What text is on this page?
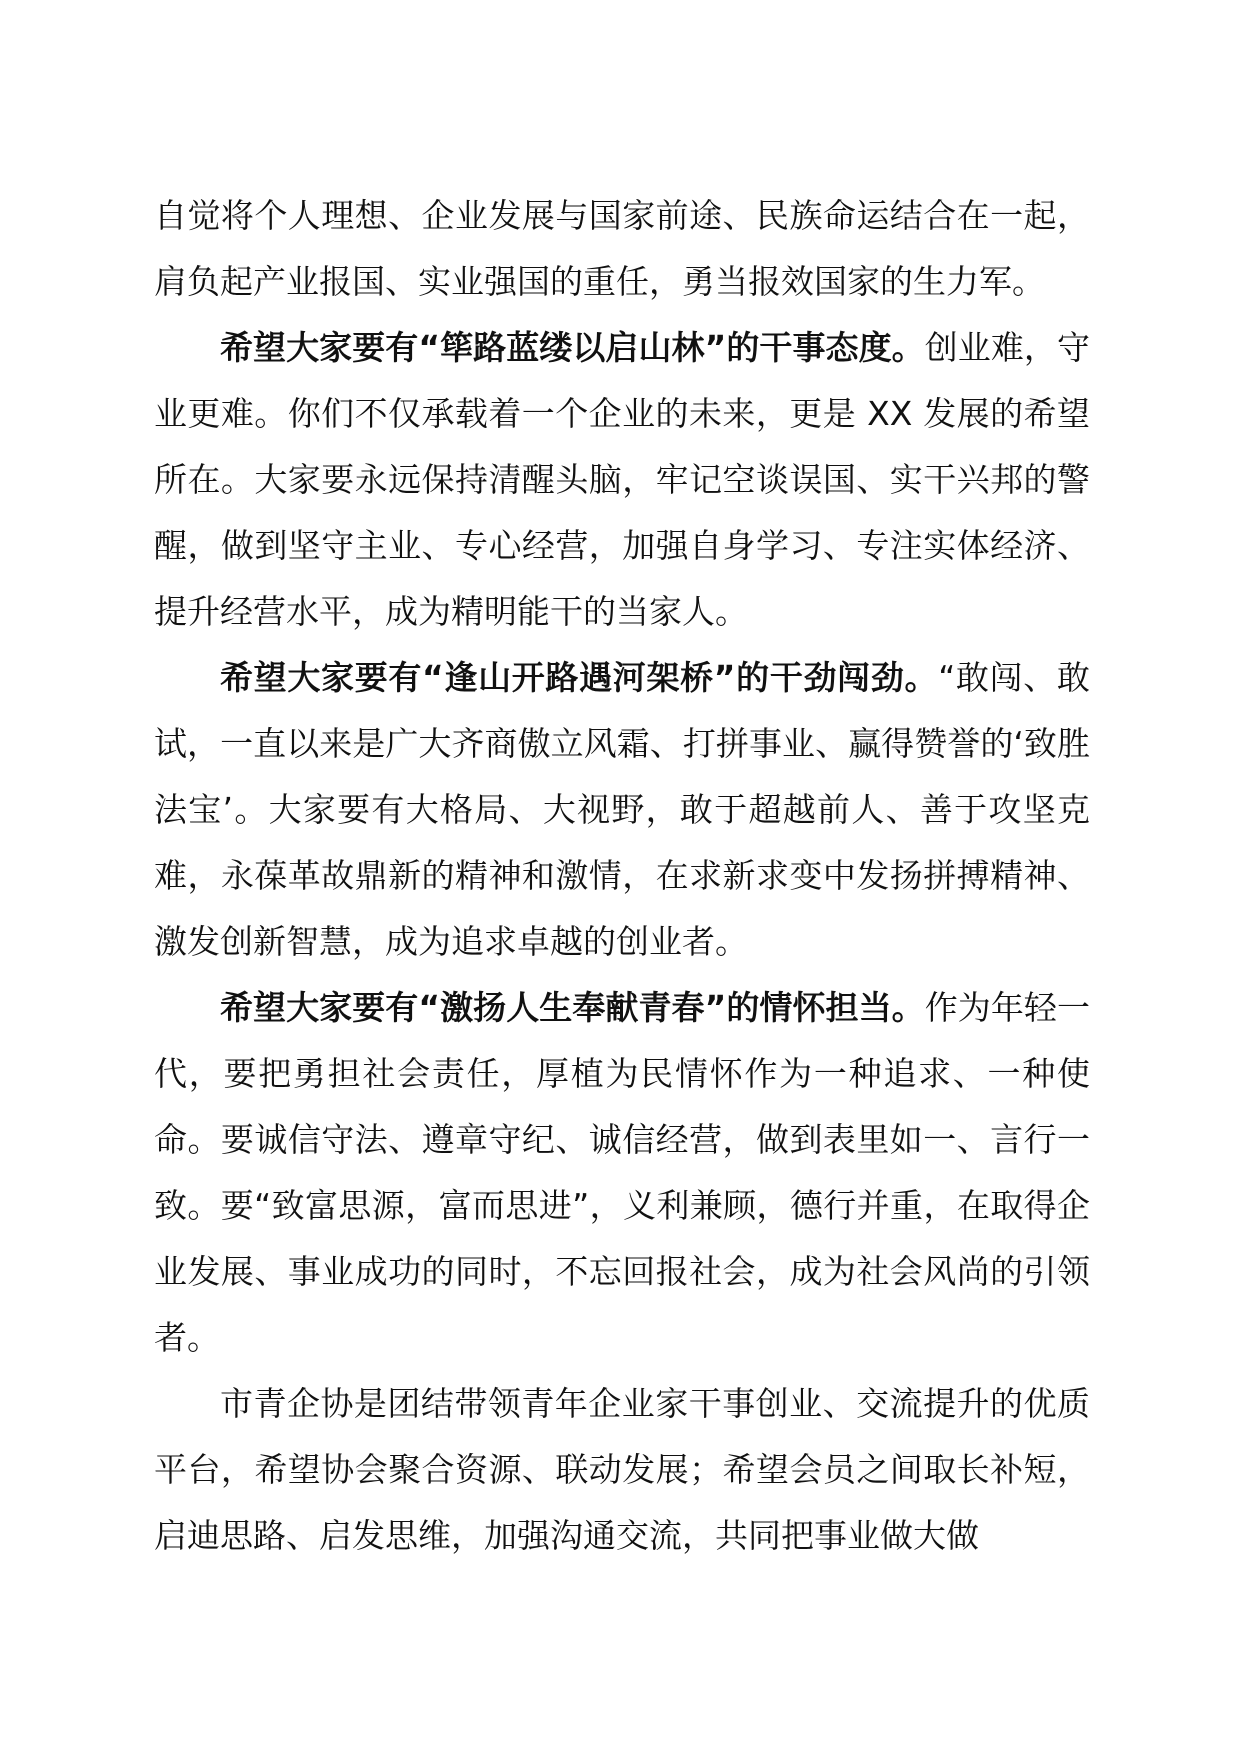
自觉将个人理想、企业发展与国家前途、民族命运结合在一起，肩负起产业报国、实业强国的重任，勇当报效国家的生力军。

希望大家要有“筚路蓝缕以启山林”的干事态度。创业难，守业更难。你们不仅承载着一个企业的未来，更是 XX 发展的希望所在。大家要永远保持清醒头脑，牢记空谈误国、实干兴邦的警醒，做到坚守主业、专心经营，加强自身学习、专注实体经济、提升经营水平，成为精明能干的当家人。

希望大家要有“逢山开路遇河架桥”的干劲闯劲。“敢闯、敢试，一直以来是广大齐商傲立风霜、打拼事业、赢得赞誉的‘致胜法宝’。大家要有大格局、大视野，敢于超越前人、善于攻坚克难，永葆革故鼎新的精神和激情，在求新求变中发扬拼搏精神、激发创新智慧，成为追求卓越的创业者。

希望大家要有“激扬人生奉献青春”的情怀担当。作为年轻一代，要把勇担社会责任，厚植为民情怀作为一种追求、一种使命。要诚信守法、遵章守纪、诚信经营，做到表里如一、言行一致。要“致富思源，富而思进”，义利兼顾，德行并重，在取得企业发展、事业成功的同时，不忘回报社会，成为社会风尚的引领者。

市青企协是团结带领青年企业家干事创业、交流提升的优质平台，希望协会聚合资源、联动发展；希望会员之间取长补短，启迪思路、启发思维，加强沟通交流，共同把事业做大做
